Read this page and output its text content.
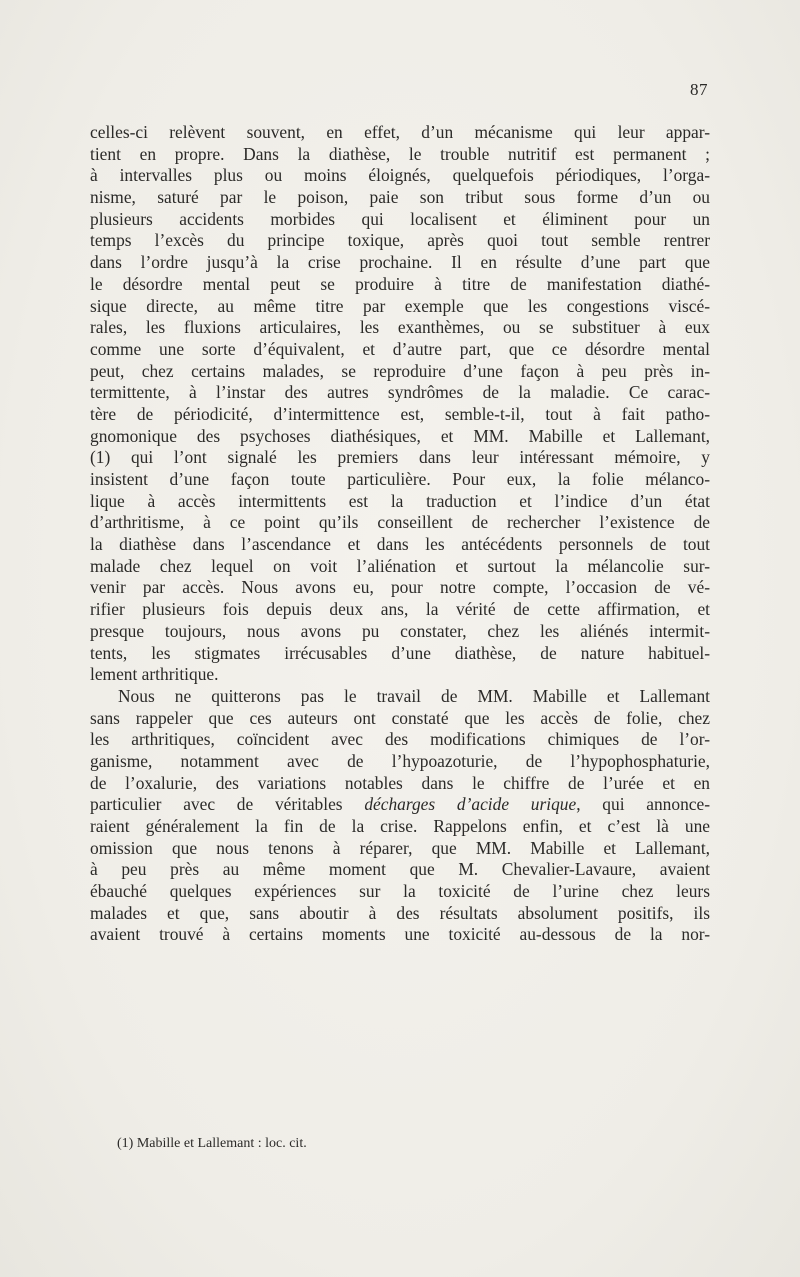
87
celles-ci relèvent souvent, en effet, d’un mécanisme qui leur appar-
tient en propre. Dans la diathèse, le trouble nutritif est permanent ;
à intervalles plus ou moins éloignés, quelquefois périodiques, l’orga-
nisme, saturé par le poison, paie son tribut sous forme d’un ou
plusieurs accidents morbides qui localisent et éliminent pour un
temps l’excès du principe toxique, après quoi tout semble rentrer
dans l’ordre jusqu’à la crise prochaine. Il en résulte d’une part que
le désordre mental peut se produire à titre de manifestation diathé-
sique directe, au même titre par exemple que les congestions viscé-
rales, les fluxions articulaires, les exanthèmes, ou se substituer à eux
comme une sorte d’équivalent, et d’autre part, que ce désordre mental
peut, chez certains malades, se reproduire d’une façon à peu près in-
termittente, à l’instar des autres syndrômes de la maladie. Ce carac-
tère de périodicité, d’intermittence est, semble-t-il, tout à fait patho-
gnomonique des psychoses diathésiques, et MM. Mabille et Lallemant,
(1) qui l’ont signalé les premiers dans leur intéressant mémoire, y
insistent d’une façon toute particulière. Pour eux, la folie mélanco-
lique à accès intermittents est la traduction et l’indice d’un état
d’arthritisme, à ce point qu’ils conseillent de rechercher l’existence de
la diathèse dans l’ascendance et dans les antécédents personnels de tout
malade chez lequel on voit l’aliénation et surtout la mélancolie sur-
venir par accès. Nous avons eu, pour notre compte, l’occasion de vé-
rifier plusieurs fois depuis deux ans, la vérité de cette affirmation, et
presque toujours, nous avons pu constater, chez les aliénés intermit-
tents, les stigmates irrécusables d’une diathèse, de nature habituel-
lement arthritique.
Nous ne quitterons pas le travail de MM. Mabille et Lallemant
sans rappeler que ces auteurs ont constaté que les accès de folie, chez
les arthritiques, coïncident avec des modifications chimiques de l’or-
ganisme, notamment avec de l’hypoazoturie, de l’hypophosphaturie,
de l’oxalurie, des variations notables dans le chiffre de l’urée et en
particulier avec de véritables décharges d’acide urique, qui annonce-
raient généralement la fin de la crise. Rappelons enfin, et c’est là une
omission que nous tenons à réparer, que MM. Mabille et Lallemant,
à peu près au même moment que M. Chevalier-Lavaure, avaient
ébauché quelques expériences sur la toxicité de l’urine chez leurs
malades et que, sans aboutir à des résultats absolument positifs, ils
avaient trouvé à certains moments une toxicité au-dessous de la nor-
(1) Mabille et Lallemant : loc. cit.
